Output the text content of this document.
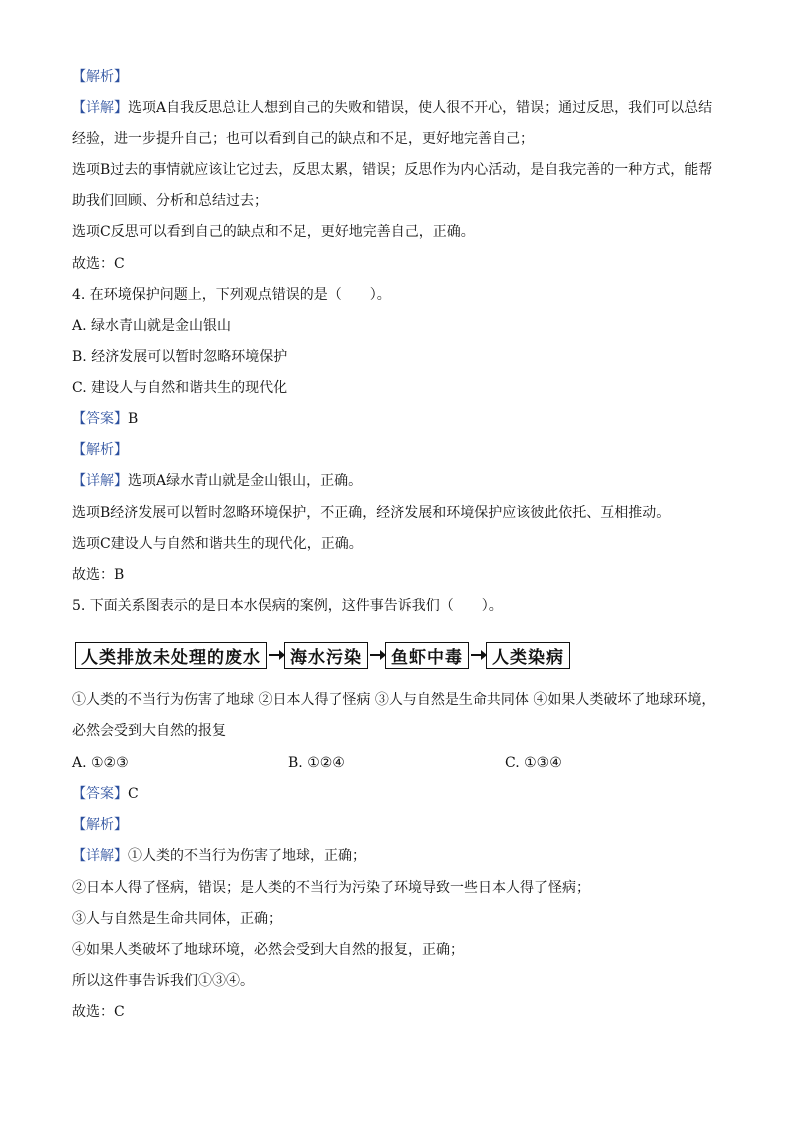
【解析】
【详解】选项A自我反思总让人想到自己的失败和错误，使人很不开心，错误；通过反思，我们可以总结
经验，进一步提升自己；也可以看到自己的缺点和不足，更好地完善自己；
选项B过去的事情就应该让它过去，反思太累，错误；反思作为内心活动，是自我完善的一种方式，能帮
助我们回顾、分析和总结过去；
选项C反思可以看到自己的缺点和不足，更好地完善自己，正确。
故选：C
4. 在环境保护问题上，下列观点错误的是（　　）。
A. 绿水青山就是金山银山
B. 经济发展可以暂时忽略环境保护
C. 建设人与自然和谐共生的现代化
【答案】B
【解析】
【详解】选项A绿水青山就是金山银山，正确。
选项B经济发展可以暂时忽略环境保护，不正确，经济发展和环境保护应该彼此依托、互相推动。
选项C建设人与自然和谐共生的现代化，正确。
故选：B
5. 下面关系图表示的是日本水俣病的案例，这件事告诉我们（　　）。
人类排放未处理的废水	海水污染	鱼虾中毒	人类染病
①人类的不当行为伤害了地球 ②日本人得了怪病 ③人与自然是生命共同体 ④如果人类破坏了地球环境，
必然会受到大自然的报复
A. ①②③	B. ①②④	C. ①③④
【答案】C
【解析】
【详解】①人类的不当行为伤害了地球，正确；
②日本人得了怪病，错误；是人类的不当行为污染了环境导致一些日本人得了怪病；
③人与自然是生命共同体，正确；
④如果人类破坏了地球环境，必然会受到大自然的报复，正确；
所以这件事告诉我们①③④。
故选：C
